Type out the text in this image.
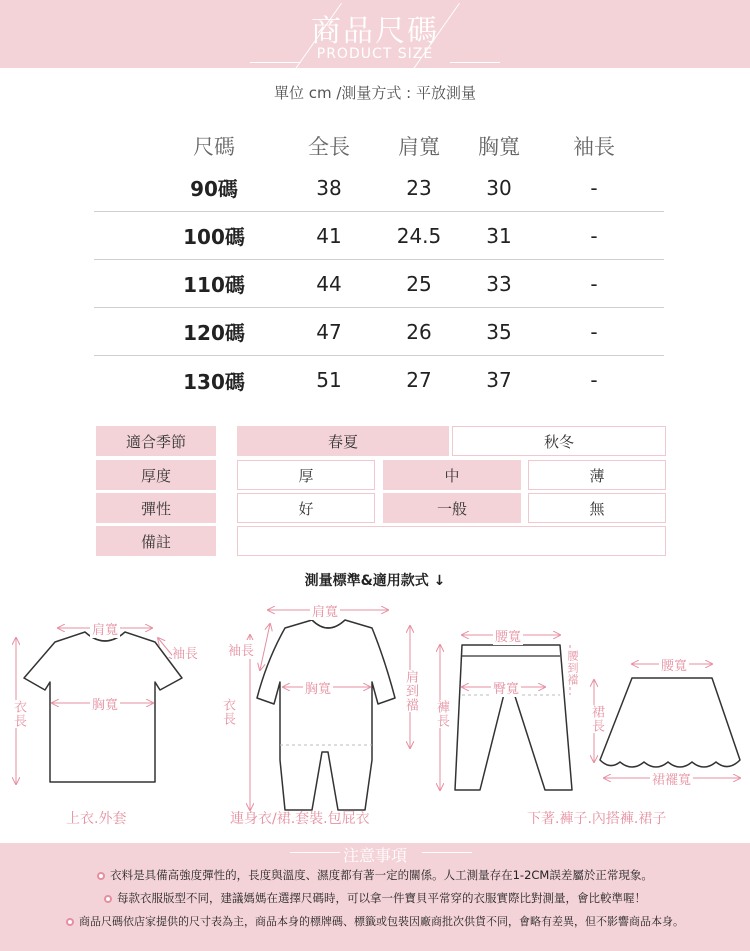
商品尺碼
PRODUCT SIZE
單位 cm /測量方式 : 平放測量
尺碼	全長	肩寬	胸寬	袖長
90碼	38	23	30	-
100碼	41	24.5	31	-
110碼	44	25	33	-
120碼	47	26	35	-
130碼	51	27	37	-
適合季節	春夏	秋冬
厚度	厚	中	薄
彈性	好	一般	無
備註
測量標準&適用款式 ↓
肩寬
袖長
胸寬
衣長
上衣.外套
肩寬
袖長
胸寬
衣長	肩到襠
連身衣/裙.套裝.包屁衣
腰寬
臀寬
腰到襠
褲長	裙長
腰寬
裙襬寬
下著.褲子.內搭褲.裙子
注意事項
衣料是具備高強度彈性的，長度與溫度、濕度都有著一定的關係。人工測量存在1-2CM誤差屬於正常現象。
每款衣服版型不同，建議媽媽在選擇尺碼時，可以拿一件寶貝平常穿的衣服實際比對測量，會比較準喔！
商品尺碼依店家提供的尺寸表為主，商品本身的標牌碼、標籤或包裝因廠商批次供貨不同，會略有差異，但不影響商品本身。
